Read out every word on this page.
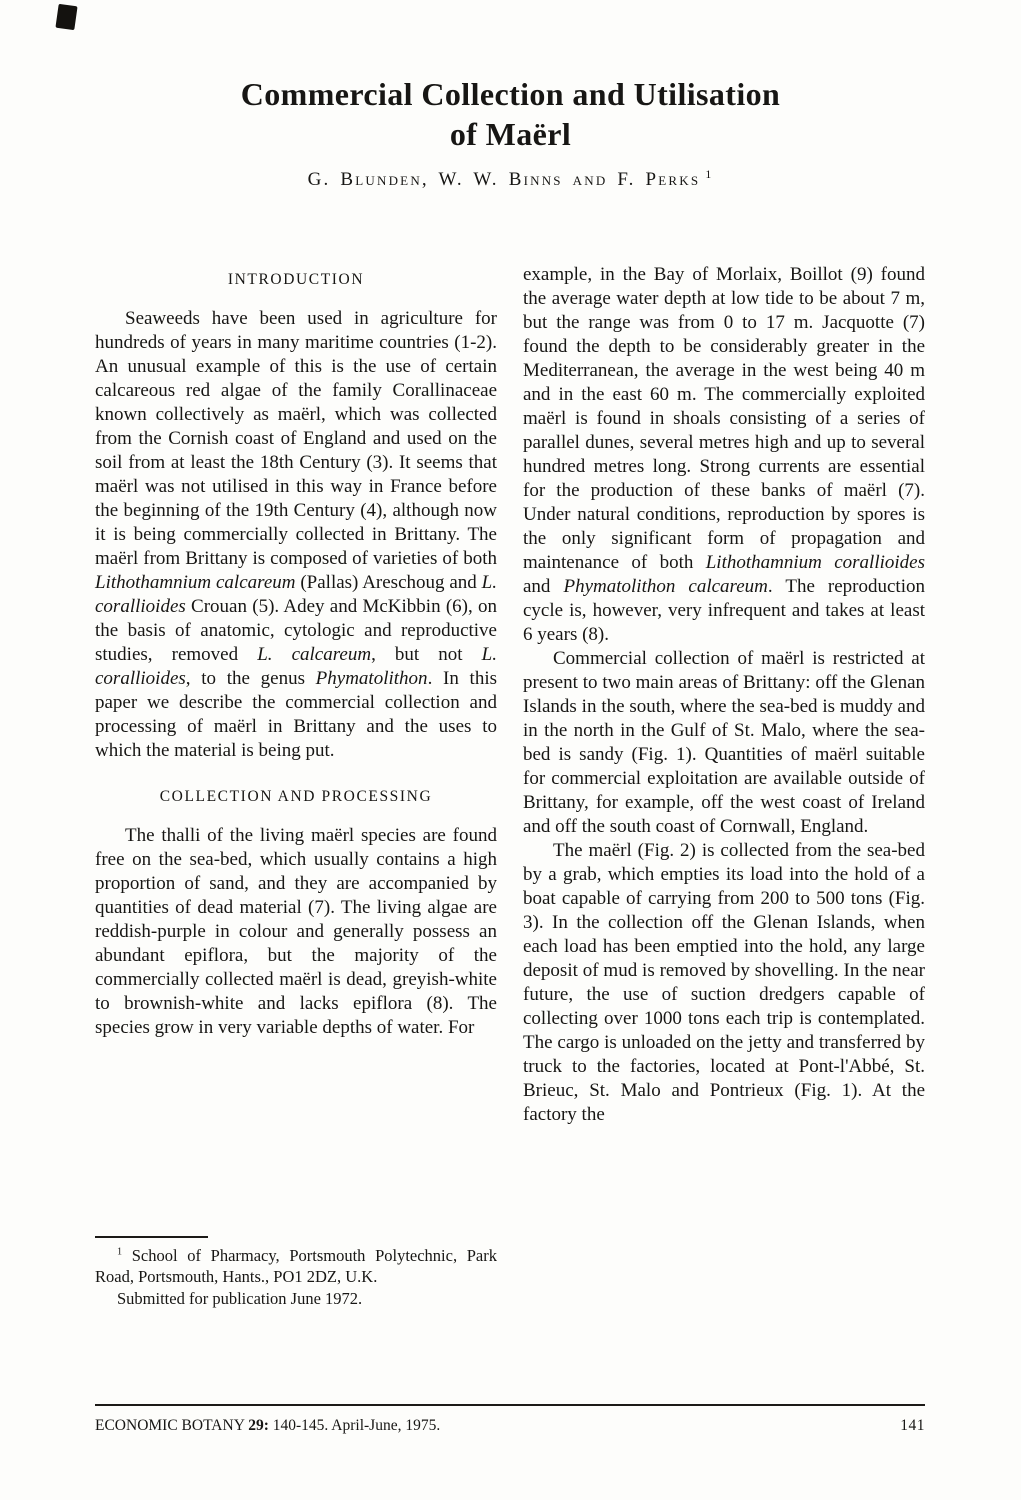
Commercial Collection and Utilisation
of Maërl
G. Blunden, W. W. Binns and F. Perks $^1$
INTRODUCTION

Seaweeds have been used in agriculture for hundreds of years in many maritime countries (1-2). An unusual example of this is the use of certain calcareous red algae of the family Corallinaceae known collectively as maërl, which was collected from the Cornish coast of England and used on the soil from at least the 18th Century (3). It seems that maërl was not utilised in this way in France before the beginning of the 19th Century (4), although now it is being commercially collected in Brittany. The maërl from Brittany is composed of varieties of both Lithothamnium calcareum (Pallas) Areschoug and L. corallioides Crouan (5). Adey and McKibbin (6), on the basis of anatomic, cytologic and reproductive studies, removed L. calcareum, but not L. corallioides, to the genus Phymatolithon. In this paper we describe the commercial collection and processing of maërl in Brittany and the uses to which the material is being put.

COLLECTION AND PROCESSING

The thalli of the living maërl species are found free on the sea-bed, which usually contains a high proportion of sand, and they are accompanied by quantities of dead material (7). The living algae are reddish-purple in colour and generally possess an abundant epiflora, but the majority of the commercially collected maërl is dead, greyish-white to brownish-white and lacks epiflora (8). The species grow in very variable depths of water. For

$^1$ School of Pharmacy, Portsmouth Polytechnic, Park Road, Portsmouth, Hants., PO1 2DZ, U.K.

Submitted for publication June 1972.

example, in the Bay of Morlaix, Boillot (9) found the average water depth at low tide to be about 7 m, but the range was from 0 to 17 m. Jacquotte (7) found the depth to be considerably greater in the Mediterranean, the average in the west being 40 m and in the east 60 m. The commercially exploited maërl is found in shoals consisting of a series of parallel dunes, several metres high and up to several hundred metres long. Strong currents are essential for the production of these banks of maërl (7). Under natural conditions, reproduction by spores is the only significant form of propagation and maintenance of both Lithothamnium corallioides and Phymatolithon calcareum. The reproduction cycle is, however, very infrequent and takes at least 6 years (8).

Commercial collection of maërl is restricted at present to two main areas of Brittany: off the Glenan Islands in the south, where the sea-bed is muddy and in the north in the Gulf of St. Malo, where the sea-bed is sandy (Fig. 1). Quantities of maërl suitable for commercial exploitation are available outside of Brittany, for example, off the west coast of Ireland and off the south coast of Cornwall, England.

The maërl (Fig. 2) is collected from the sea-bed by a grab, which empties its load into the hold of a boat capable of carrying from 200 to 500 tons (Fig. 3). In the collection off the Glenan Islands, when each load has been emptied into the hold, any large deposit of mud is removed by shovelling. In the near future, the use of suction dredgers capable of collecting over 1000 tons each trip is contemplated. The cargo is unloaded on the jetty and transferred by truck to the factories, located at Pont-l'Abbé, St. Brieuc, St. Malo and Pontrieux (Fig. 1). At the factory the

ECONOMIC BOTANY 29: 140-145. April-June, 1975.	141
